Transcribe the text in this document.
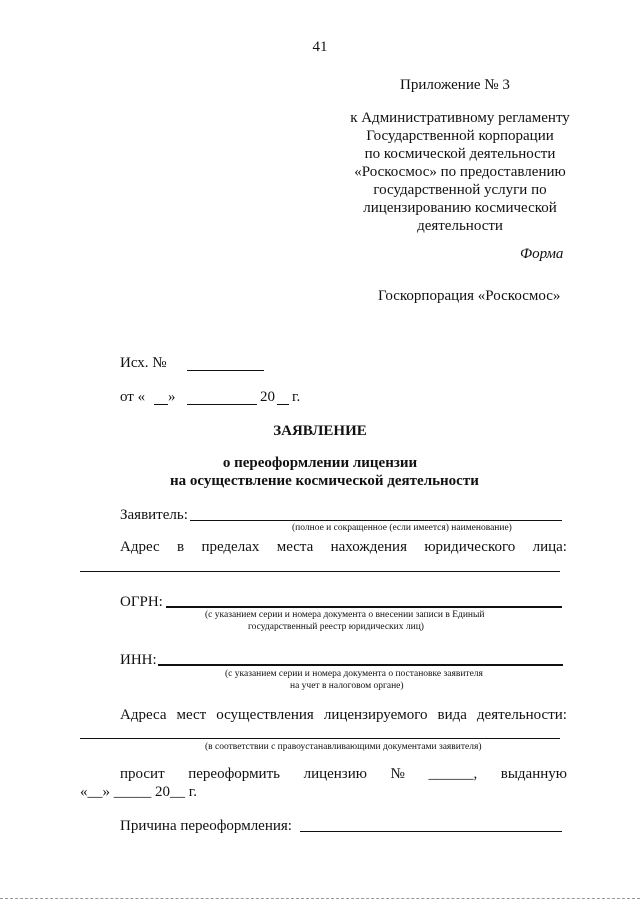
41
Приложение № 3
к Административному регламенту
Государственной корпорации
по космической деятельности
«Роскосмос» по предоставлению
государственной услуги по
лицензированию космической
деятельности
Форма
Госкорпорация «Роскосмос»
Исх. №
от « »	20 г.
ЗАЯВЛЕНИЕ
о переоформлении лицензии
на осуществление космической деятельности
Заявитель:
(полное и сокращенное (если имеется) наименование)
Адрес в пределах места нахождения юридического лица:
ОГРН:
(с указанием серии и номера документа о внесении записи в Единый
государственный реестр юридических лиц)
ИНН:
(с указанием серии и номера документа о постановке заявителя
на учет в налоговом органе)
Адреса мест осуществления лицензируемого вида деятельности:
(в соответствии с правоустанавливающими документами заявителя)
просит переоформить лицензию № ______, выданную
«__» _____ 20__ г.
Причина переоформления:
